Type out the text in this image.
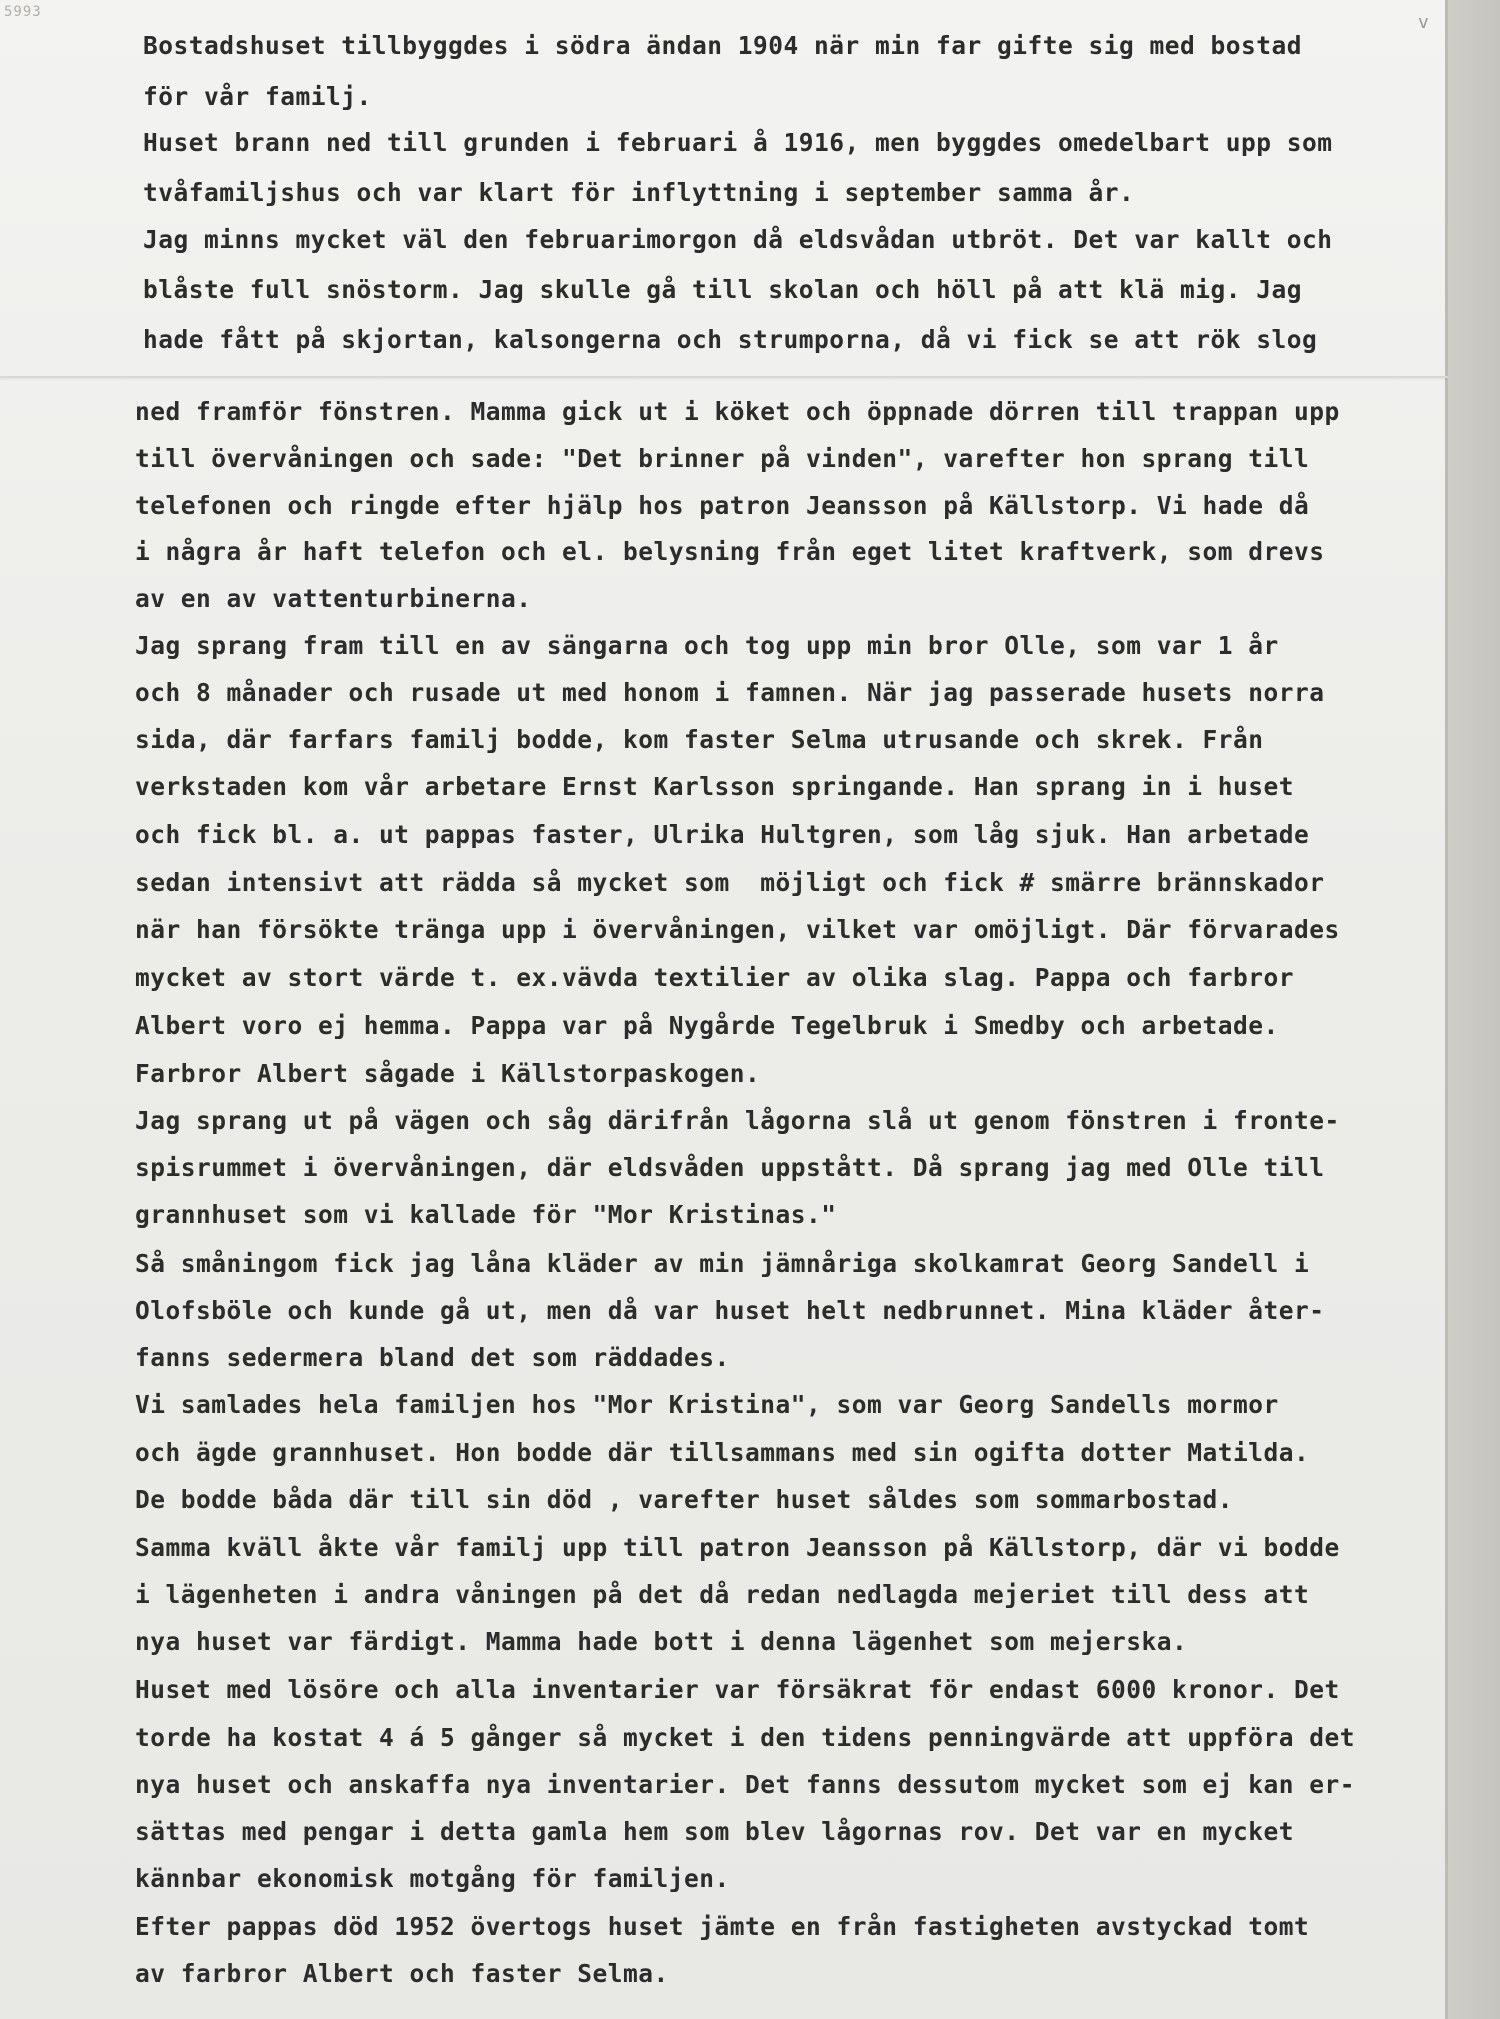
5993	v
Bostadshuset tillbyggdes i södra ändan 1904 när min far gifte sig med bostad
för vår familj.
Huset brann ned till grunden i februari å 1916, men byggdes omedelbart upp som
tvåfamiljshus och var klart för inflyttning i september samma år.
Jag minns mycket väl den februarimorgon då eldsvådan utbröt. Det var kallt och
blåste full snöstorm. Jag skulle gå till skolan och höll på att klä mig. Jag
hade fått på skjortan, kalsongerna och strumporna, då vi fick se att rök slog
ned framför fönstren. Mamma gick ut i köket och öppnade dörren till trappan upp
till övervåningen och sade: "Det brinner på vinden", varefter hon sprang till
telefonen och ringde efter hjälp hos patron Jeansson på Källstorp. Vi hade då
i några år haft telefon och el. belysning från eget litet kraftverk, som drevs
av en av vattenturbinerna.
Jag sprang fram till en av sängarna och tog upp min bror Olle, som var 1 år
och 8 månader och rusade ut med honom i famnen. När jag passerade husets norra
sida, där farfars familj bodde, kom faster Selma utrusande och skrek. Från
verkstaden kom vår arbetare Ernst Karlsson springande. Han sprang in i huset
och fick bl. a. ut pappas faster, Ulrika Hultgren, som låg sjuk. Han arbetade
sedan intensivt att rädda så mycket som  möjligt och fick # smärre brännskador
när han försökte tränga upp i övervåningen, vilket var omöjligt. Där förvarades
mycket av stort värde t. ex.vävda textilier av olika slag. Pappa och farbror
Albert voro ej hemma. Pappa var på Nygårde Tegelbruk i Smedby och arbetade.
Farbror Albert sågade i Källstorpaskogen.
Jag sprang ut på vägen och såg därifrån lågorna slå ut genom fönstren i fronte-
spisrummet i övervåningen, där eldsvåden uppstått. Då sprang jag med Olle till
grannhuset som vi kallade för "Mor Kristinas."
Så småningom fick jag låna kläder av min jämnåriga skolkamrat Georg Sandell i
Olofsböle och kunde gå ut, men då var huset helt nedbrunnet. Mina kläder åter-
fanns sedermera bland det som räddades.
Vi samlades hela familjen hos "Mor Kristina", som var Georg Sandells mormor
och ägde grannhuset. Hon bodde där tillsammans med sin ogifta dotter Matilda.
De bodde båda där till sin död , varefter huset såldes som sommarbostad.
Samma kväll åkte vår familj upp till patron Jeansson på Källstorp, där vi bodde
i lägenheten i andra våningen på det då redan nedlagda mejeriet till dess att
nya huset var färdigt. Mamma hade bott i denna lägenhet som mejerska.
Huset med lösöre och alla inventarier var försäkrat för endast 6000 kronor. Det
torde ha kostat 4 á 5 gånger så mycket i den tidens penningvärde att uppföra det
nya huset och anskaffa nya inventarier. Det fanns dessutom mycket som ej kan er-
sättas med pengar i detta gamla hem som blev lågornas rov. Det var en mycket
kännbar ekonomisk motgång för familjen.
Efter pappas död 1952 övertogs huset jämte en från fastigheten avstyckad tomt
av farbror Albert och faster Selma.
